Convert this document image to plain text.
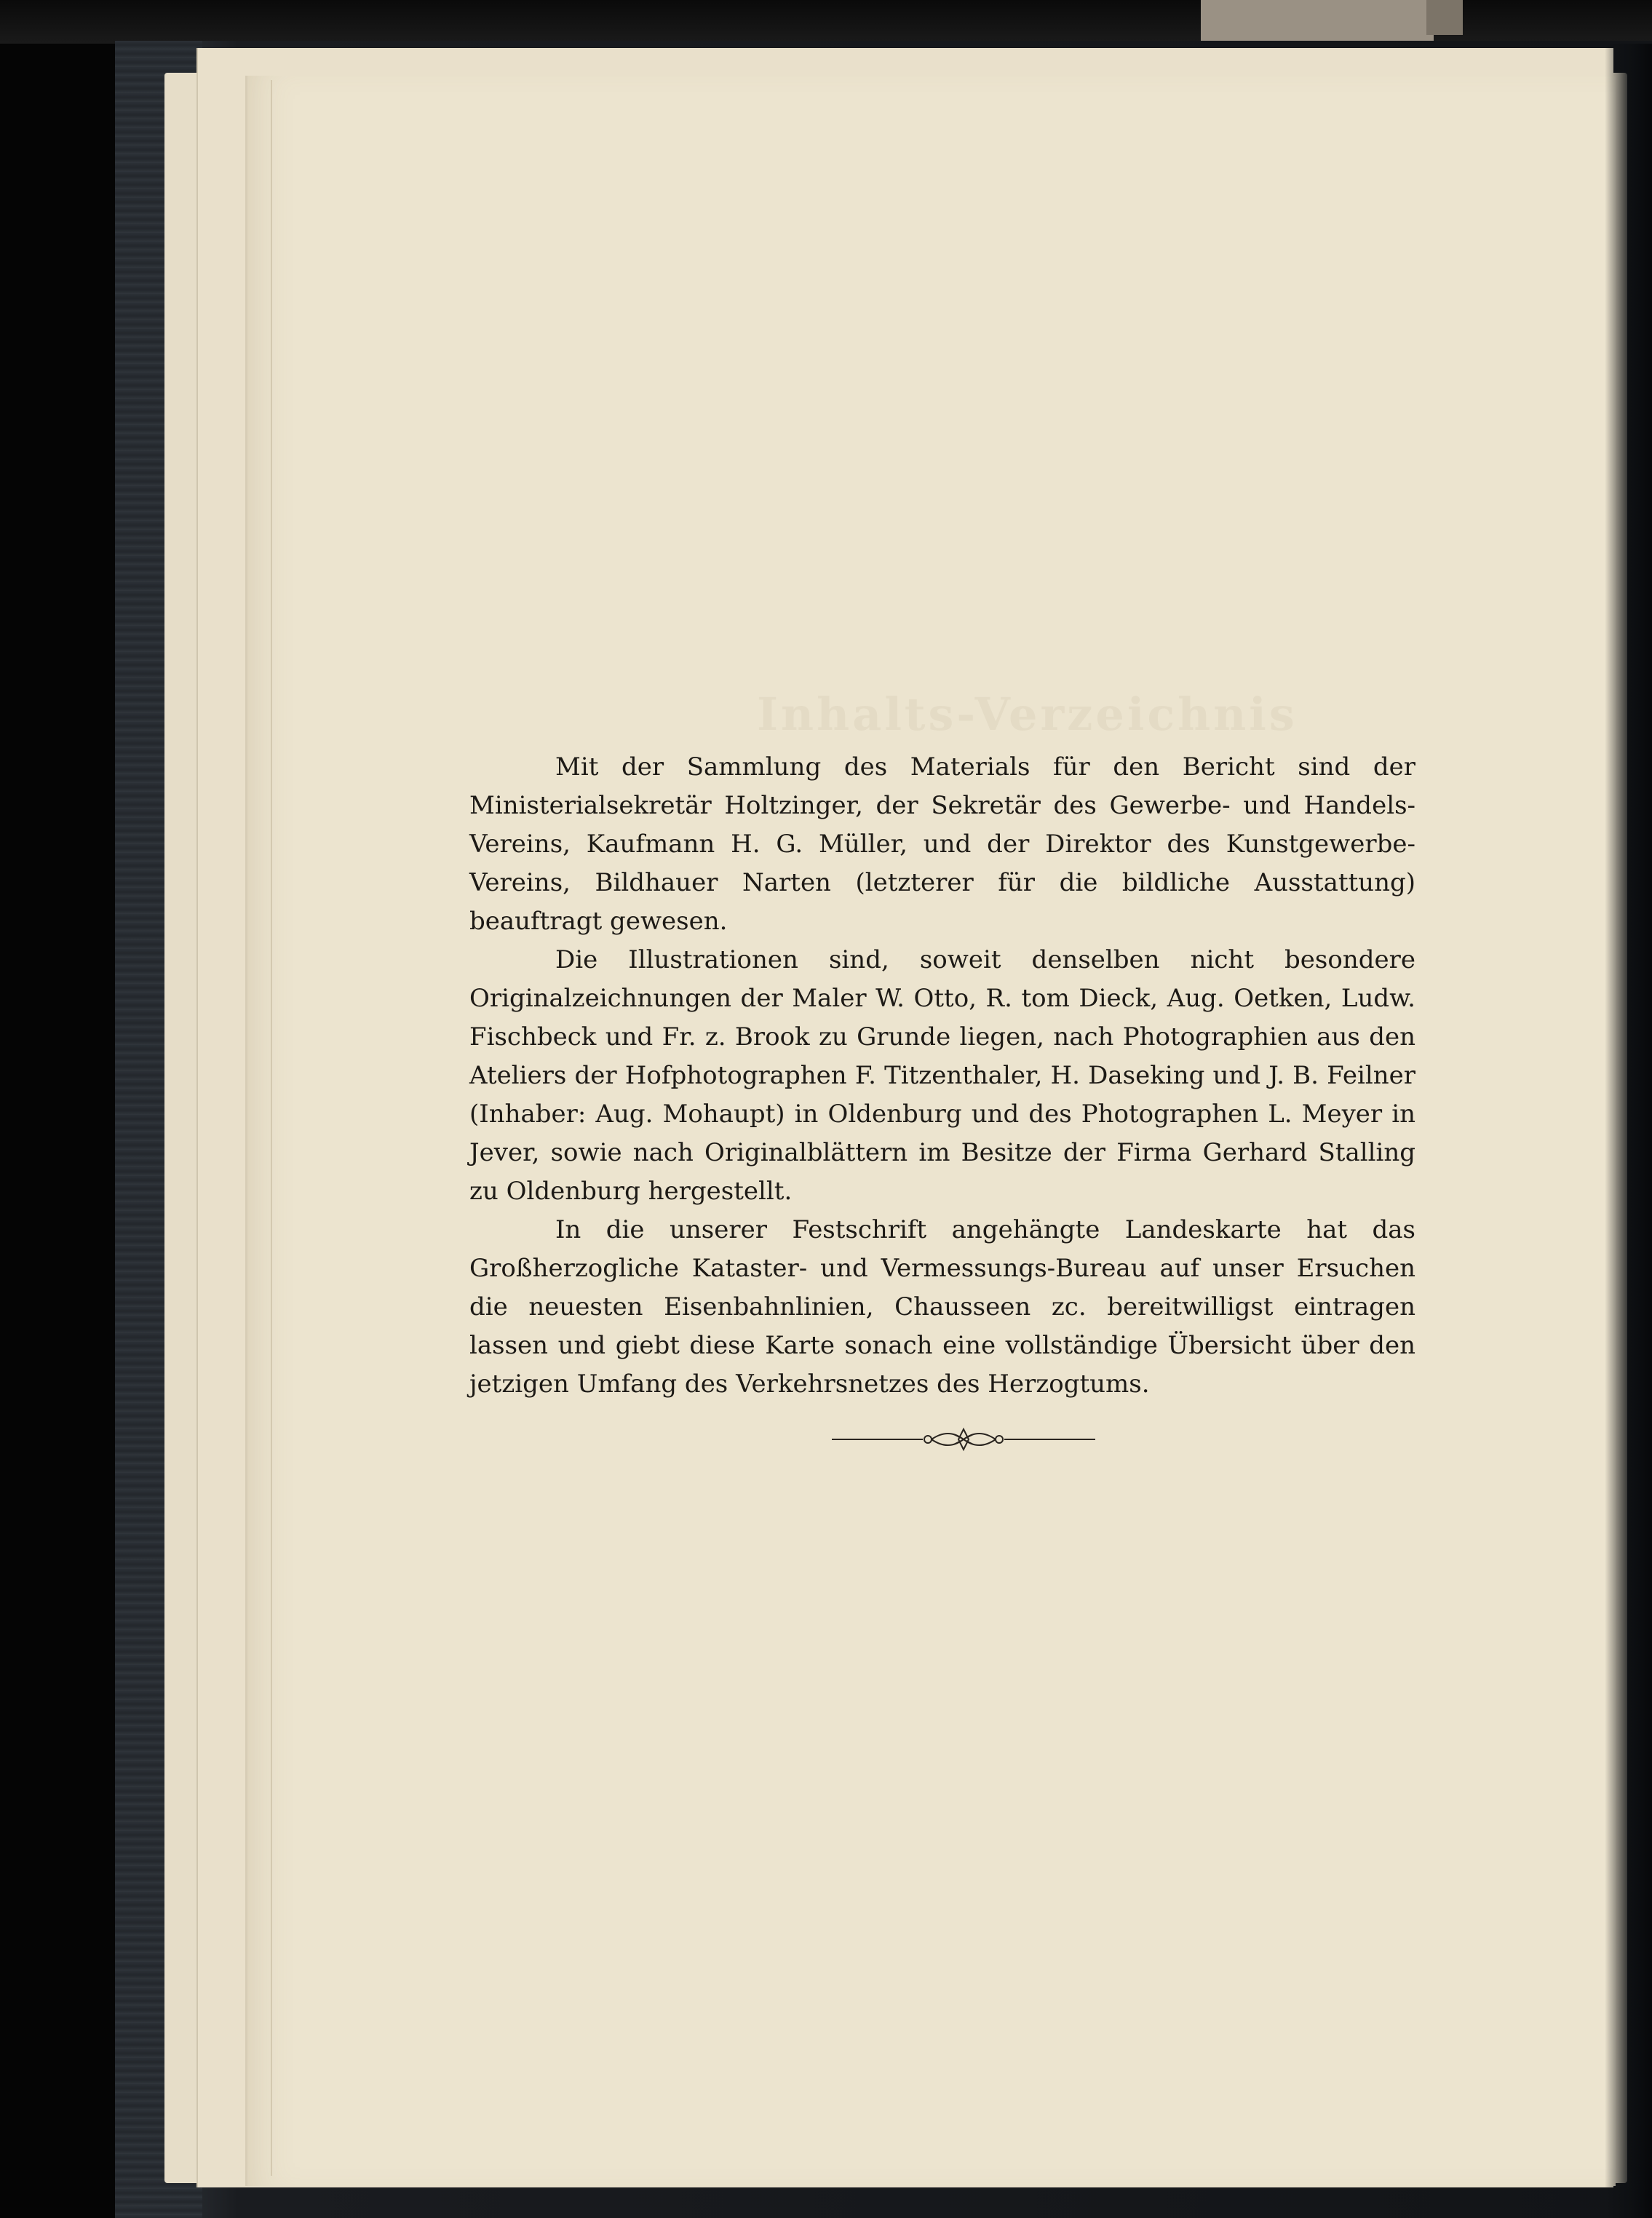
Inhalts-Verzeichnis

Mit der Sammlung des Materials für den Bericht sind der Ministerialsekretär Holtzinger, der Sekretär des Gewerbe- und Handels-Vereins, Kaufmann H. G. Müller, und der Direktor des Kunstgewerbe-Vereins, Bildhauer Narten (letzterer für die bildliche Ausstattung) beauftragt gewesen.

Die Illustrationen sind, soweit denselben nicht besondere Originalzeichnungen der Maler W. Otto, R. tom Dieck, Aug. Oetken, Ludw. Fischbeck und Fr. z. Brook zu Grunde liegen, nach Photographien aus den Ateliers der Hofphotographen F. Titzenthaler, H. Daseking und J. B. Feilner (Inhaber: Aug. Mohaupt) in Oldenburg und des Photographen L. Meyer in Jever, sowie nach Originalblättern im Besitze der Firma Gerhard Stalling zu Oldenburg hergestellt.

In die unserer Festschrift angehängte Landeskarte hat das Großherzogliche Kataster- und Vermessungs-Bureau auf unser Ersuchen die neuesten Eisenbahnlinien, Chausseen zc. bereitwilligst eintragen lassen und giebt diese Karte sonach eine vollständige Übersicht über den jetzigen Umfang des Verkehrsnetzes des Herzogtums.
